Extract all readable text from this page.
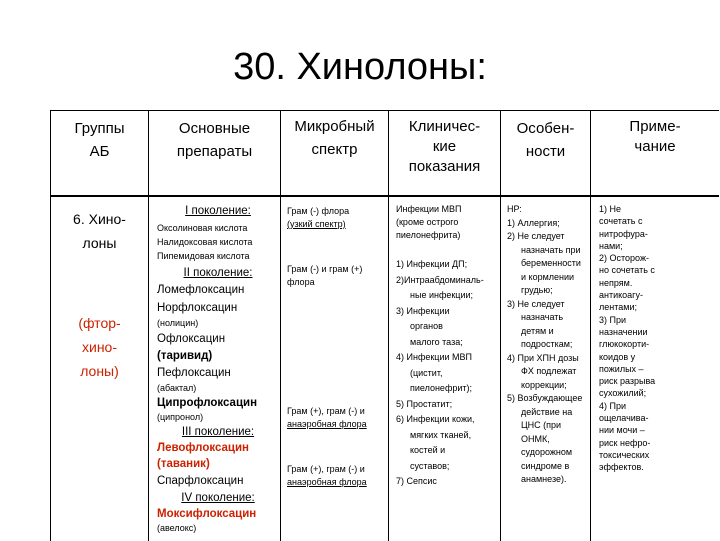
30. Хинолоны:
Группы
АБ
Основные
препараты
Микробный
спектр
Клиничес-
кие
показания
Особен-
ности
Приме-
чание
6. Хино-
лоны
(фтор-
хино-
лоны)
I поколение:
Оксолиновая кислота
Налидоксовая кислота
Пипемидовая кислота
II поколение:
Ломефлоксацин
Норфлоксацин
(нолицин)
Офлоксацин
(таривид)
Пефлоксацин
(абактал)
Ципрофлоксацин
(ципронол)
III поколение:
Левофлоксацин
(таваник)
Спарфлоксацин
IV поколение:
Моксифлоксацин
(авелокс)
Грам (-) флора
(узкий спектр)
Грам (-) и грам (+)
флора
Грам (+), грам (-) и
анаэробная флора
Грам (+), грам (-) и
анаэробная флора
Инфекции МВП
(кроме острого
пиелонефрита)
1) Инфекции ДП;
2)Интраабдоминаль-
ные инфекции;
3) Инфекции
органов
малого таза;
4) Инфекции МВП
(цистит,
пиелонефрит);
5) Простатит;
6) Инфекции кожи,
мягких тканей,
костей и
суставов;
7) Сепсис
НР:
1) Аллергия;
2) Не следует
назначать при
беременности
и кормлении
грудью;
3) Не следует
назначать
детям и
подросткам;
4) При ХПН дозы
ФХ подлежат
коррекции;
5) Возбуждающее
действие на
ЦНС (при
ОНМК,
судорожном
синдроме в
анамнезе).
1) Не
сочетать с
нитрофура-
нами;
2) Осторож-
но сочетать с
непрям.
антикоагу-
лентами;
3) При
назначении
глюкокорти-
коидов у
пожилых –
риск разрыва
сухожилий;
4) При
ощелачива-
нии мочи –
риск нефро-
токсических
эффектов.
